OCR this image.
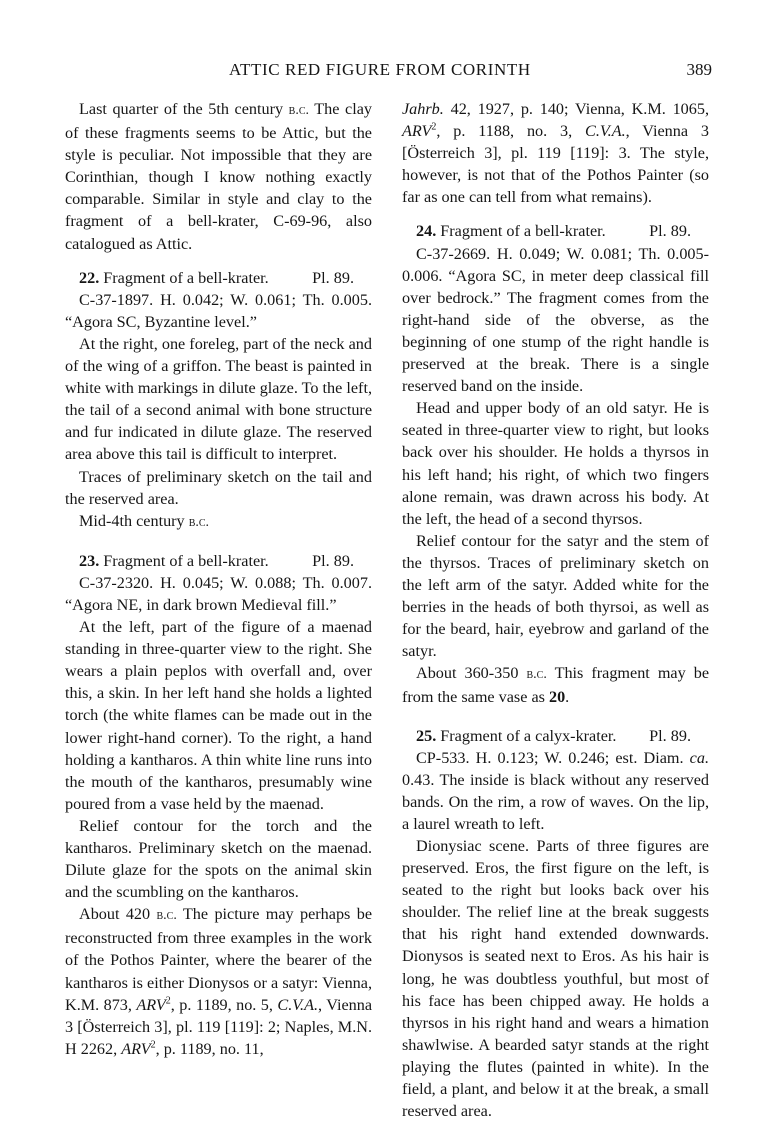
ATTIC RED FIGURE FROM CORINTH	389

Last quarter of the 5th century b.c. The clay of these fragments seems to be Attic, but the style is peculiar. Not impossible that they are Corinthian, though I know nothing exactly comparable. Similar in style and clay to the fragment of a bell-krater, C-69-96, also catalogued as Attic.

22. Fragment of a bell-krater.	Pl. 89.

C-37-1897. H. 0.042; W. 0.061; Th. 0.005. “Agora SC, Byzantine level.”

At the right, one foreleg, part of the neck and of the wing of a griffon. The beast is painted in white with markings in dilute glaze. To the left, the tail of a second animal with bone structure and fur indicated in dilute glaze. The reserved area above this tail is difficult to interpret.

Traces of preliminary sketch on the tail and the reserved area.

Mid-4th century b.c.

23. Fragment of a bell-krater.	Pl. 89.

C-37-2320. H. 0.045; W. 0.088; Th. 0.007. “Agora NE, in dark brown Medieval fill.”

At the left, part of the figure of a maenad standing in three-quarter view to the right. She wears a plain peplos with overfall and, over this, a skin. In her left hand she holds a lighted torch (the white flames can be made out in the lower right-hand corner). To the right, a hand holding a kantharos. A thin white line runs into the mouth of the kantharos, presumably wine poured from a vase held by the maenad.

Relief contour for the torch and the kantharos. Preliminary sketch on the maenad. Dilute glaze for the spots on the animal skin and the scumbling on the kantharos.

About 420 b.c. The picture may perhaps be reconstructed from three examples in the work of the Pothos Painter, where the bearer of the kantharos is either Dionysos or a satyr: Vienna, K.M. 873, ARV$^2$, p. 1189, no. 5, C.V.A., Vienna 3 [Österreich 3], pl. 119 [119]: 2; Naples, M.N. H 2262, ARV$^2$, p. 1189, no. 11,

Jahrb. 42, 1927, p. 140; Vienna, K.M. 1065, ARV$^2$, p. 1188, no. 3, C.V.A., Vienna 3 [Österreich 3], pl. 119 [119]: 3. The style, however, is not that of the Pothos Painter (so far as one can tell from what remains).

24. Fragment of a bell-krater.	Pl. 89.

C-37-2669. H. 0.049; W. 0.081; Th. 0.005-0.006. “Agora SC, in meter deep classical fill over bedrock.” The fragment comes from the right-hand side of the obverse, as the beginning of one stump of the right handle is preserved at the break. There is a single reserved band on the inside.

Head and upper body of an old satyr. He is seated in three-quarter view to right, but looks back over his shoulder. He holds a thyrsos in his left hand; his right, of which two fingers alone remain, was drawn across his body. At the left, the head of a second thyrsos.

Relief contour for the satyr and the stem of the thyrsos. Traces of preliminary sketch on the left arm of the satyr. Added white for the berries in the heads of both thyrsoi, as well as for the beard, hair, eyebrow and garland of the satyr.

About 360-350 b.c. This fragment may be from the same vase as 20.

25. Fragment of a calyx-krater.	Pl. 89.

CP-533. H. 0.123; W. 0.246; est. Diam. ca. 0.43. The inside is black without any reserved bands. On the rim, a row of waves. On the lip, a laurel wreath to left.

Dionysiac scene. Parts of three figures are preserved. Eros, the first figure on the left, is seated to the right but looks back over his shoulder. The relief line at the break suggests that his right hand extended downwards. Dionysos is seated next to Eros. As his hair is long, he was doubtless youthful, but most of his face has been chipped away. He holds a thyrsos in his right hand and wears a himation shawlwise. A bearded satyr stands at the right playing the flutes (painted in white). In the field, a plant, and below it at the break, a small reserved area.
